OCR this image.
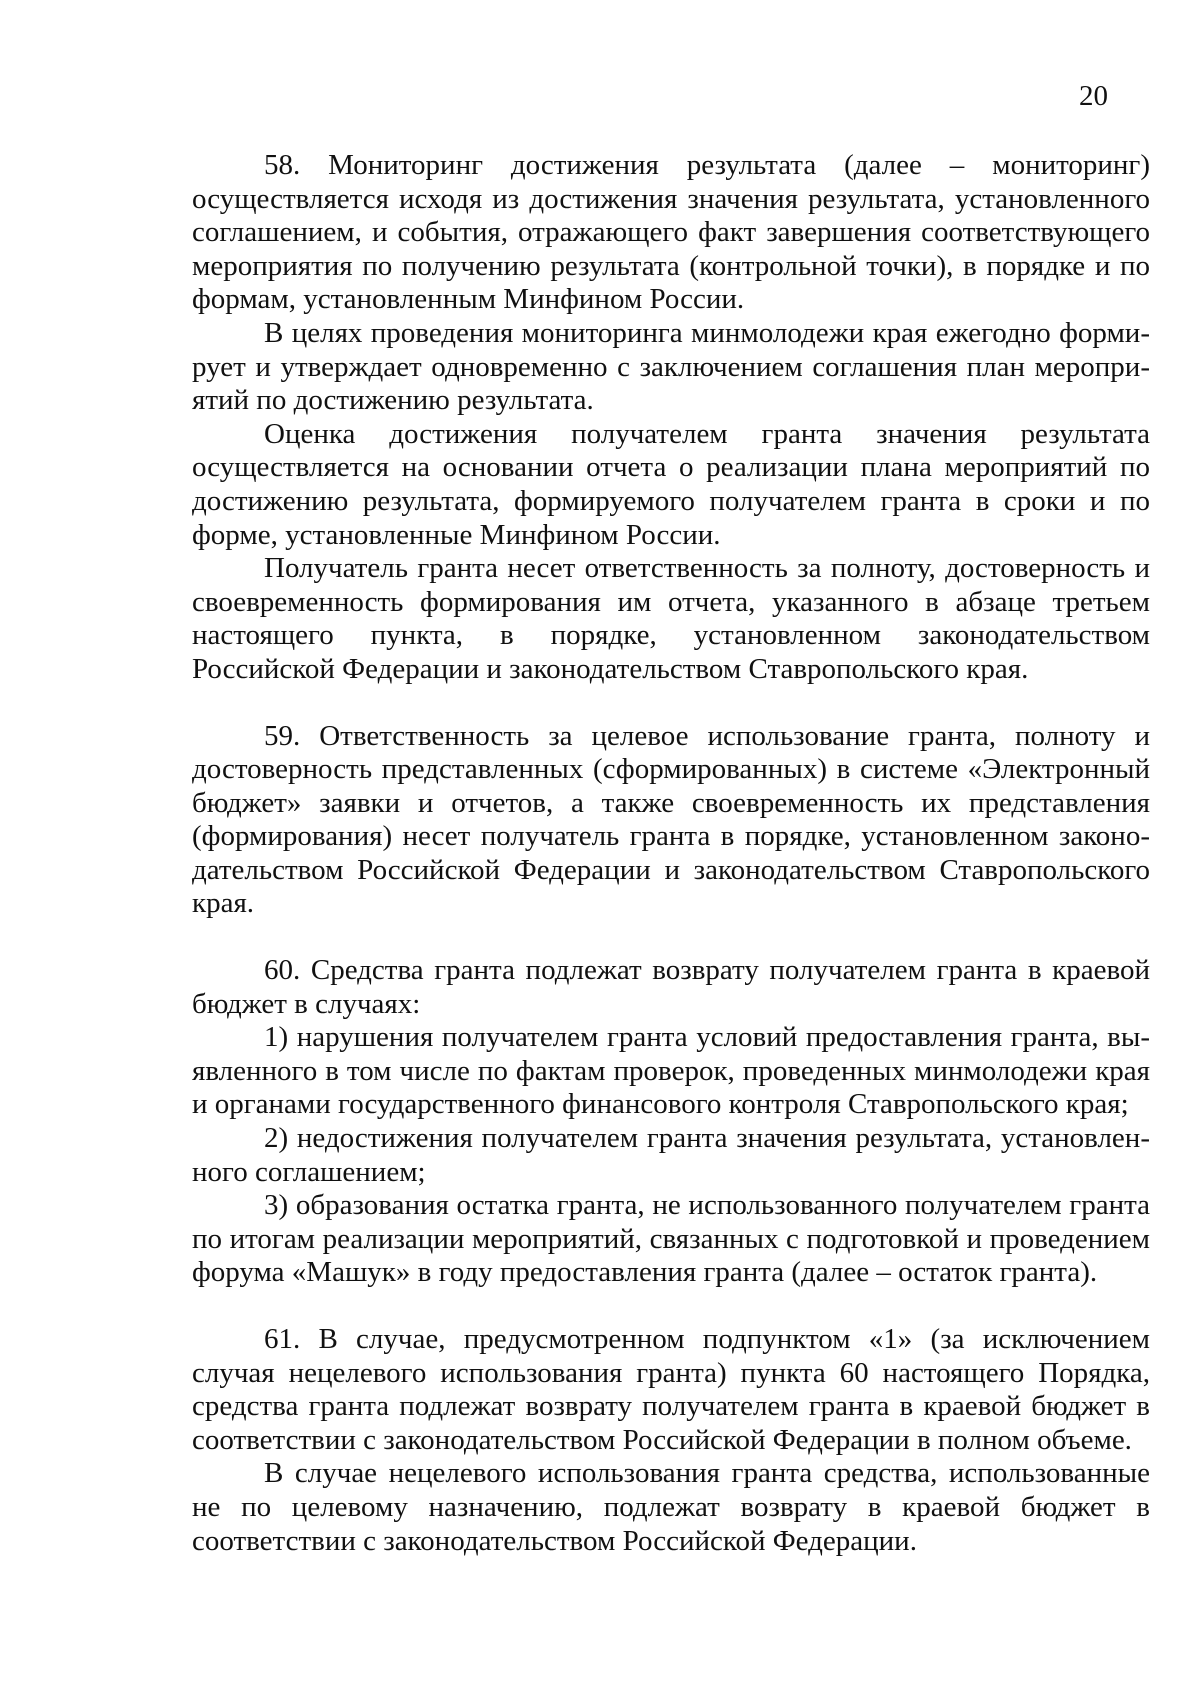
20

58. Мониторинг достижения результата (далее – мониторинг) осуществляется исходя из достижения значения результата, установленного соглашением, и события, отражающего факт завершения соответствующего мероприятия по получению результата (контрольной точки), в порядке и по формам, установленным Минфином России.

В целях проведения мониторинга минмолодежи края ежегодно формирует и утверждает одновременно с заключением соглашения план мероприятий по достижению результата.

Оценка достижения получателем гранта значения результата осуществляется на основании отчета о реализации плана мероприятий по достижению результата, формируемого получателем гранта в сроки и по форме, установленные Минфином России.

Получатель гранта несет ответственность за полноту, достоверность и своевременность формирования им отчета, указанного в абзаце третьем настоящего пункта, в порядке, установленном законодательством Российской Федерации и законодательством Ставропольского края.

59. Ответственность за целевое использование гранта, полноту и достоверность представленных (сформированных) в системе «Электронный бюджет» заявки и отчетов, а также своевременность их представления (формирования) несет получатель гранта в порядке, установленном законодательством Российской Федерации и законодательством Ставропольского края.

60. Средства гранта подлежат возврату получателем гранта в краевой бюджет в случаях:

1) нарушения получателем гранта условий предоставления гранта, выявленного в том числе по фактам проверок, проведенных минмолодежи края и органами государственного финансового контроля Ставропольского края;

2) недостижения получателем гранта значения результата, установленного соглашением;

3) образования остатка гранта, не использованного получателем гранта по итогам реализации мероприятий, связанных с подготовкой и проведением форума «Машук» в году предоставления гранта (далее – остаток гранта).

61. В случае, предусмотренном подпунктом «1» (за исключением случая нецелевого использования гранта) пункта 60 настоящего Порядка, средства гранта подлежат возврату получателем гранта в краевой бюджет в соответствии с законодательством Российской Федерации в полном объеме.

В случае нецелевого использования гранта средства, использованные не по целевому назначению, подлежат возврату в краевой бюджет в соответствии с законодательством Российской Федерации.
